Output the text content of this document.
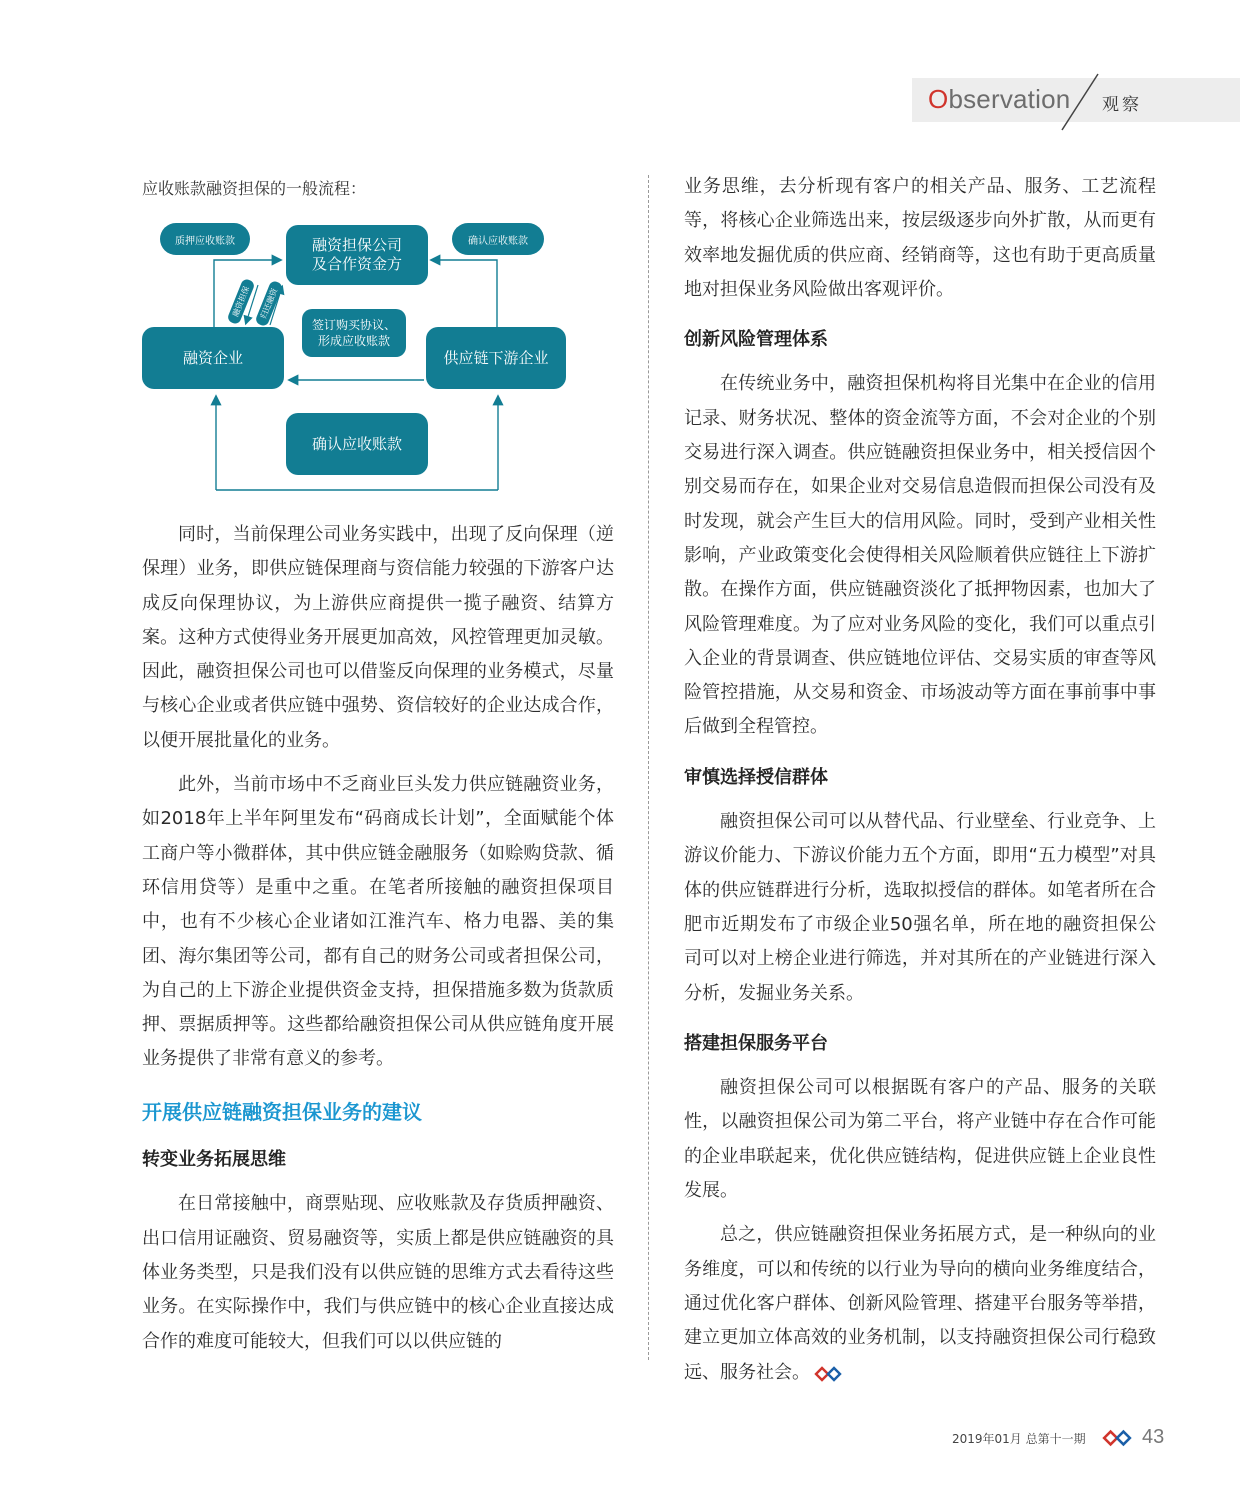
Observation 观察
应收账款融资担保的一般流程：
融资担保公司
及合作资金方
融资企业	供应链下游企业
确认应收账款
签订购买协议、
形成应收账款
质押应收账款	确认应收账款
融资担保 归还融资

同时，当前保理公司业务实践中，出现了反向保理（逆保理）业务，即供应链保理商与资信能力较强的下游客户达成反向保理协议，为上游供应商提供一揽子融资、结算方案。这种方式使得业务开展更加高效，风控管理更加灵敏。因此，融资担保公司也可以借鉴反向保理的业务模式，尽量与核心企业或者供应链中强势、资信较好的企业达成合作，以便开展批量化的业务。

此外，当前市场中不乏商业巨头发力供应链融资业务，如2018年上半年阿里发布“码商成长计划”，全面赋能个体工商户等小微群体，其中供应链金融服务（如赊购贷款、循环信用贷等）是重中之重。在笔者所接触的融资担保项目中，也有不少核心企业诸如江淮汽车、格力电器、美的集团、海尔集团等公司，都有自己的财务公司或者担保公司，为自己的上下游企业提供资金支持，担保措施多数为货款质押、票据质押等。这些都给融资担保公司从供应链角度开展业务提供了非常有意义的参考。

开展供应链融资担保业务的建议
转变业务拓展思维

在日常接触中，商票贴现、应收账款及存货质押融资、出口信用证融资、贸易融资等，实质上都是供应链融资的具体业务类型，只是我们没有以供应链的思维方式去看待这些业务。在实际操作中，我们与供应链中的核心企业直接达成合作的难度可能较大，但我们可以以供应链的

业务思维，去分析现有客户的相关产品、服务、工艺流程等，将核心企业筛选出来，按层级逐步向外扩散，从而更有效率地发掘优质的供应商、经销商等，这也有助于更高质量地对担保业务风险做出客观评价。

创新风险管理体系

在传统业务中，融资担保机构将目光集中在企业的信用记录、财务状况、整体的资金流等方面，不会对企业的个别交易进行深入调查。供应链融资担保业务中，相关授信因个别交易而存在，如果企业对交易信息造假而担保公司没有及时发现，就会产生巨大的信用风险。同时，受到产业相关性影响，产业政策变化会使得相关风险顺着供应链往上下游扩散。在操作方面，供应链融资淡化了抵押物因素，也加大了风险管理难度。为了应对业务风险的变化，我们可以重点引入企业的背景调查、供应链地位评估、交易实质的审查等风险管控措施，从交易和资金、市场波动等方面在事前事中事后做到全程管控。

审慎选择授信群体

融资担保公司可以从替代品、行业壁垒、行业竞争、上游议价能力、下游议价能力五个方面，即用“五力模型”对具体的供应链群进行分析，选取拟授信的群体。如笔者所在合肥市近期发布了市级企业50强名单，所在地的融资担保公司可以对上榜企业进行筛选，并对其所在的产业链进行深入分析，发掘业务关系。

搭建担保服务平台

融资担保公司可以根据既有客户的产品、服务的关联性，以融资担保公司为第二平台，将产业链中存在合作可能的企业串联起来，优化供应链结构，促进供应链上企业良性发展。

总之，供应链融资担保业务拓展方式，是一种纵向的业务维度，可以和传统的以行业为导向的横向业务维度结合，通过优化客户群体、创新风险管理、搭建平台服务等举措，建立更加立体高效的业务机制，以支持融资担保公司行稳致远、服务社会。

2019年01月 总第十一期	43
